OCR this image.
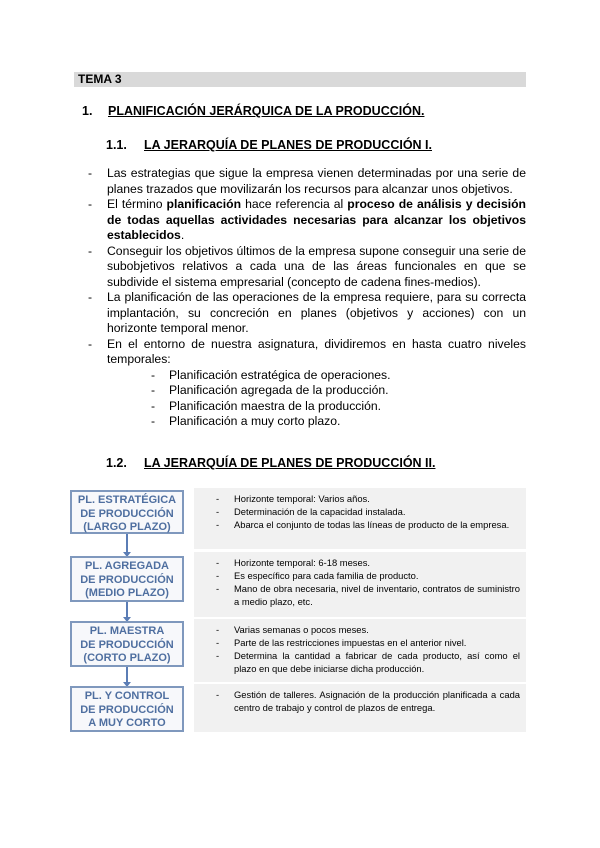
TEMA 3
1. PLANIFICACIÓN JERÁRQUICA DE LA PRODUCCIÓN.
1.1. LA JERARQUÍA DE PLANES DE PRODUCCIÓN I.
- Las estrategias que sigue la empresa vienen determinadas por una serie de planes trazados que movilizarán los recursos para alcanzar unos objetivos.
- El término planificación hace referencia al proceso de análisis y decisión de todas aquellas actividades necesarias para alcanzar los objetivos establecidos.
- Conseguir los objetivos últimos de la empresa supone conseguir una serie de subobjetivos relativos a cada una de las áreas funcionales en que se subdivide el sistema empresarial (concepto de cadena fines-medios).
- La planificación de las operaciones de la empresa requiere, para su correcta implantación, su concreción en planes (objetivos y acciones) con un horizonte temporal menor.
- En el entorno de nuestra asignatura, dividiremos en hasta cuatro niveles temporales:
- Planificación estratégica de operaciones.
- Planificación agregada de la producción.
- Planificación maestra de la producción.
- Planificación a muy corto plazo.
1.2. LA JERARQUÍA DE PLANES DE PRODUCCIÓN II.
- Horizonte temporal: Varios años.
- Determinación de la capacidad instalada.
- Abarca el conjunto de todas las líneas de producto de la empresa.
PL. ESTRATÉGICA
DE PRODUCCIÓN
(LARGO PLAZO)
- Horizonte temporal: 6-18 meses.
- Es específico para cada familia de producto.
- Mano de obra necesaria, nivel de inventario, contratos de suministro a medio plazo, etc.
PL. AGREGADA
DE PRODUCCIÓN
(MEDIO PLAZO)
- Varias semanas o pocos meses.
- Parte de las restricciones impuestas en el anterior nivel.
- Determina la cantidad a fabricar de cada producto, así como el plazo en que debe iniciarse dicha producción.
PL. MAESTRA
DE PRODUCCIÓN
(CORTO PLAZO)
- Gestión de talleres. Asignación de la producción planificada a cada centro de trabajo y control de plazos de entrega.
PL. Y CONTROL
DE PRODUCCIÓN
A MUY CORTO
